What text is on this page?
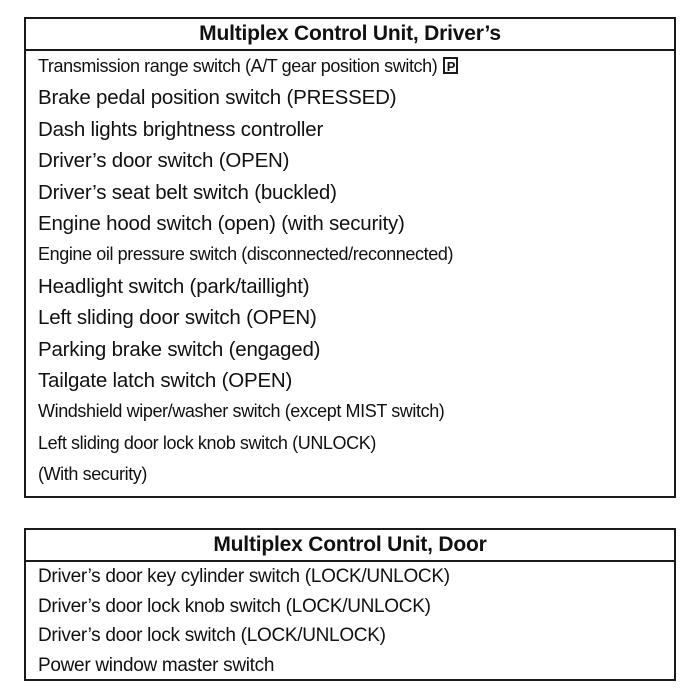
Multiplex Control Unit, Driver’s
Transmission range switch (A/T gear position switch) P
Brake pedal position switch (PRESSED)
Dash lights brightness controller
Driver’s door switch (OPEN)
Driver’s seat belt switch (buckled)
Engine hood switch (open) (with security)
Engine oil pressure switch (disconnected/reconnected)
Headlight switch (park/taillight)
Left sliding door switch (OPEN)
Parking brake switch (engaged)
Tailgate latch switch (OPEN)
Windshield wiper/washer switch (except MIST switch)
Left sliding door lock knob switch (UNLOCK)
(With security)
Multiplex Control Unit, Door
Driver’s door key cylinder switch (LOCK/UNLOCK)
Driver’s door lock knob switch (LOCK/UNLOCK)
Driver’s door lock switch (LOCK/UNLOCK)
Power window master switch
